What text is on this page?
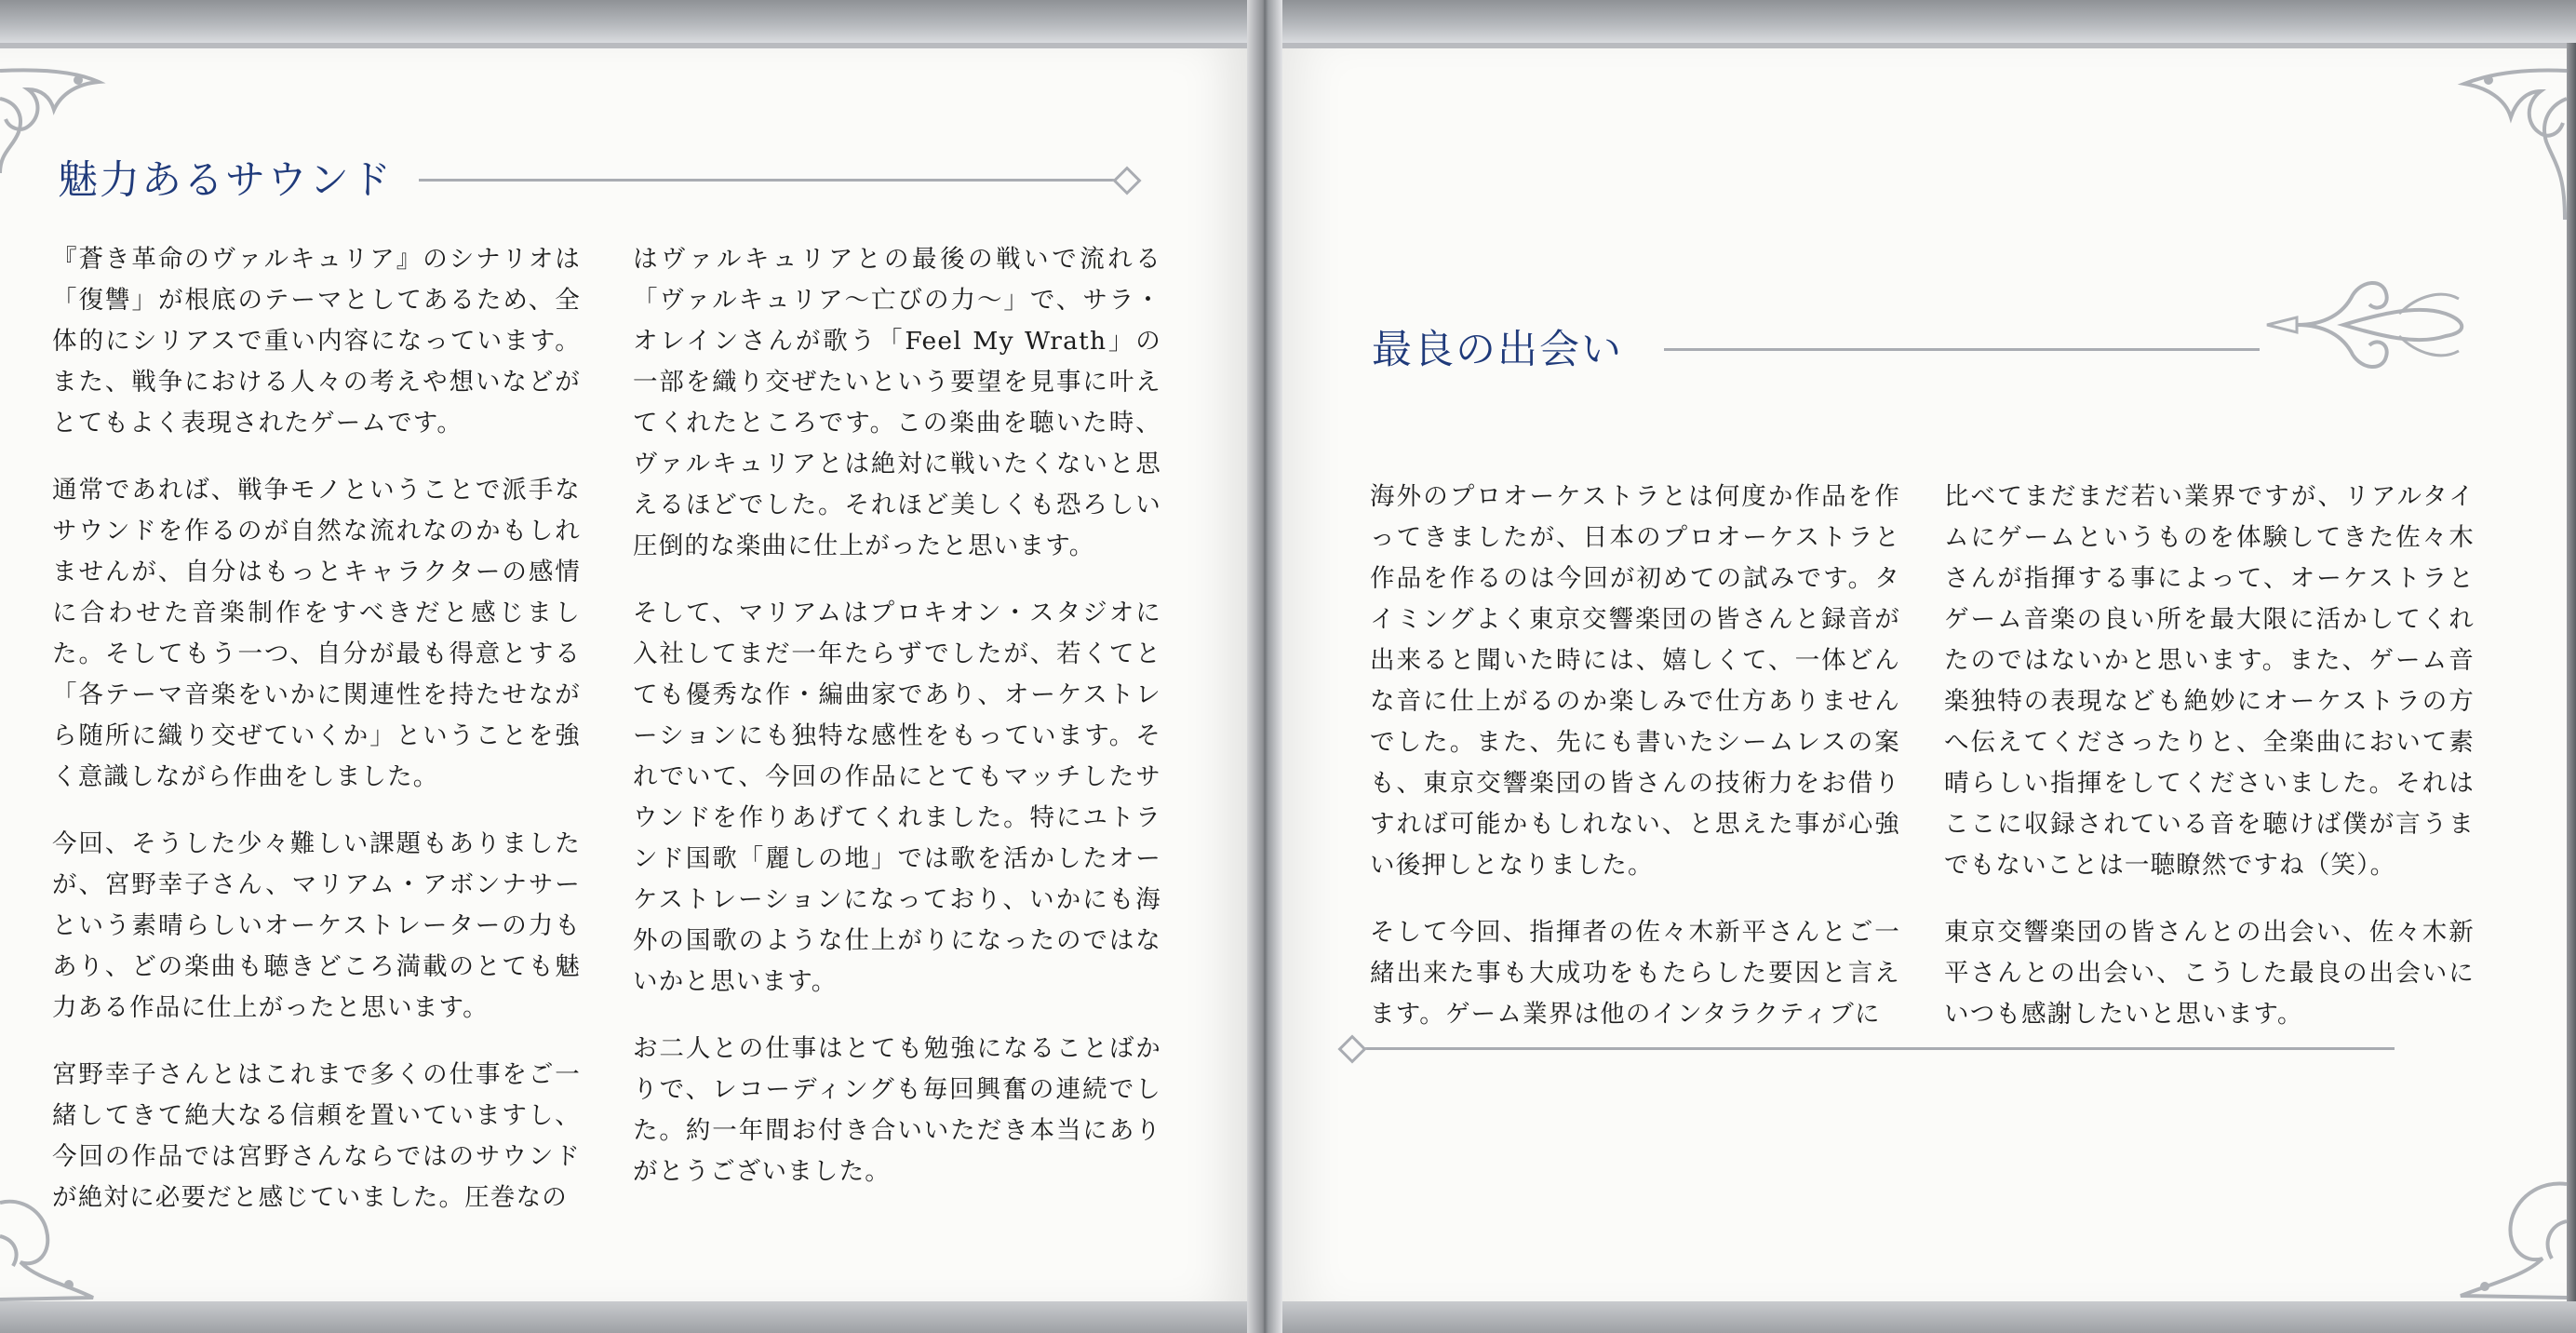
魅力あるサウンド

『蒼き革命のヴァルキュリア』のシナリオは「復讐」が根底のテーマとしてあるため、全体的にシリアスで重い内容になっています。また、戦争における人々の考えや想いなどがとてもよく表現されたゲームです。

通常であれば、戦争モノということで派手なサウンドを作るのが自然な流れなのかもしれませんが、自分はもっとキャラクターの感情に合わせた音楽制作をすべきだと感じました。そしてもう一つ、自分が最も得意とする「各テーマ音楽をいかに関連性を持たせながら随所に織り交ぜていくか」ということを強く意識しながら作曲をしました。

今回、そうした少々難しい課題もありましたが、宮野幸子さん、マリアム・アボンナサーという素晴らしいオーケストレーターの力もあり、どの楽曲も聴きどころ満載のとても魅力ある作品に仕上がったと思います。

宮野幸子さんとはこれまで多くの仕事をご一緒してきて絶大なる信頼を置いていますし、今回の作品では宮野さんならではのサウンドが絶対に必要だと感じていました。圧巻なの

はヴァルキュリアとの最後の戦いで流れる「ヴァルキュリア〜亡びの力〜」で、サラ・オレインさんが歌う「Feel My Wrath」の一部を織り交ぜたいという要望を見事に叶えてくれたところです。この楽曲を聴いた時、ヴァルキュリアとは絶対に戦いたくないと思えるほどでした。それほど美しくも恐ろしい圧倒的な楽曲に仕上がったと思います。

そして、マリアムはプロキオン・スタジオに入社してまだ一年たらずでしたが、若くてとても優秀な作・編曲家であり、オーケストレーションにも独特な感性をもっています。それでいて、今回の作品にとてもマッチしたサウンドを作りあげてくれました。特にユトランド国歌「麗しの地」では歌を活かしたオーケストレーションになっており、いかにも海外の国歌のような仕上がりになったのではないかと思います。

お二人との仕事はとても勉強になることばかりで、レコーディングも毎回興奮の連続でした。約一年間お付き合いいただき本当にありがとうございました。

最良の出会い

海外のプロオーケストラとは何度か作品を作ってきましたが、日本のプロオーケストラと作品を作るのは今回が初めての試みです。タイミングよく東京交響楽団の皆さんと録音が出来ると聞いた時には、嬉しくて、一体どんな音に仕上がるのか楽しみで仕方ありませんでした。また、先にも書いたシームレスの案も、東京交響楽団の皆さんの技術力をお借りすれば可能かもしれない、と思えた事が心強い後押しとなりました。

そして今回、指揮者の佐々木新平さんとご一緒出来た事も大成功をもたらした要因と言えます。ゲーム業界は他のインタラクティブに

比べてまだまだ若い業界ですが、リアルタイムにゲームというものを体験してきた佐々木さんが指揮する事によって、オーケストラとゲーム音楽の良い所を最大限に活かしてくれたのではないかと思います。また、ゲーム音楽独特の表現なども絶妙にオーケストラの方へ伝えてくださったりと、全楽曲において素晴らしい指揮をしてくださいました。それはここに収録されている音を聴けば僕が言うまでもないことは一聴瞭然ですね（笑）。

東京交響楽団の皆さんとの出会い、佐々木新平さんとの出会い、こうした最良の出会いにいつも感謝したいと思います。
